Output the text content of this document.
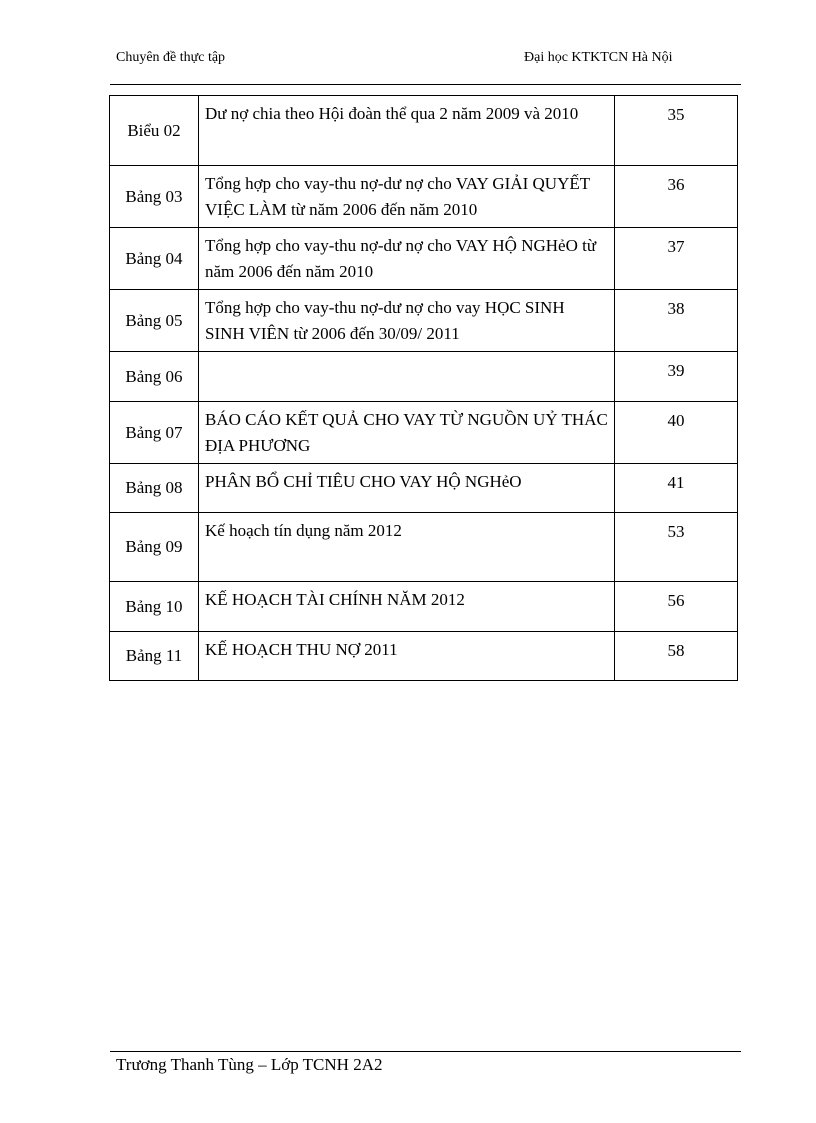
Chuyên đề thực tập	Đại học KTKTCN Hà Nội
Biểu 02	Dư nợ chia theo Hội đoàn thể qua 2 năm 2009 và 2010	35
Bảng 03	Tổng hợp cho vay-thu nợ-dư nợ cho VAY GIẢI QUYẾT VIỆC LÀM từ năm 2006 đến năm 2010	36
Bảng 04	Tổng hợp cho vay-thu nợ-dư nợ cho VAY HỘ NGHẻO từ năm 2006 đến năm 2010	37
Bảng 05	Tổng hợp cho vay-thu nợ-dư nợ cho vay HỌC SINH SINH VIÊN từ 2006 đến 30/09/ 2011	38
Bảng 06		39
Bảng 07	BÁO CÁO KẾT QUẢ CHO VAY TỪ NGUỒN UỶ THÁC ĐỊA PHƯƠNG	40
Bảng 08	PHÂN BỔ CHỈ TIÊU CHO VAY HỘ NGHẻO	41
Bảng 09	Kế hoạch tín dụng năm 2012	53
Bảng 10	KẾ HOẠCH TÀI CHÍNH NĂM 2012	56
Bảng 11	KẾ HOẠCH THU NỢ 2011	58
Trương Thanh Tùng – Lớp TCNH 2A2
